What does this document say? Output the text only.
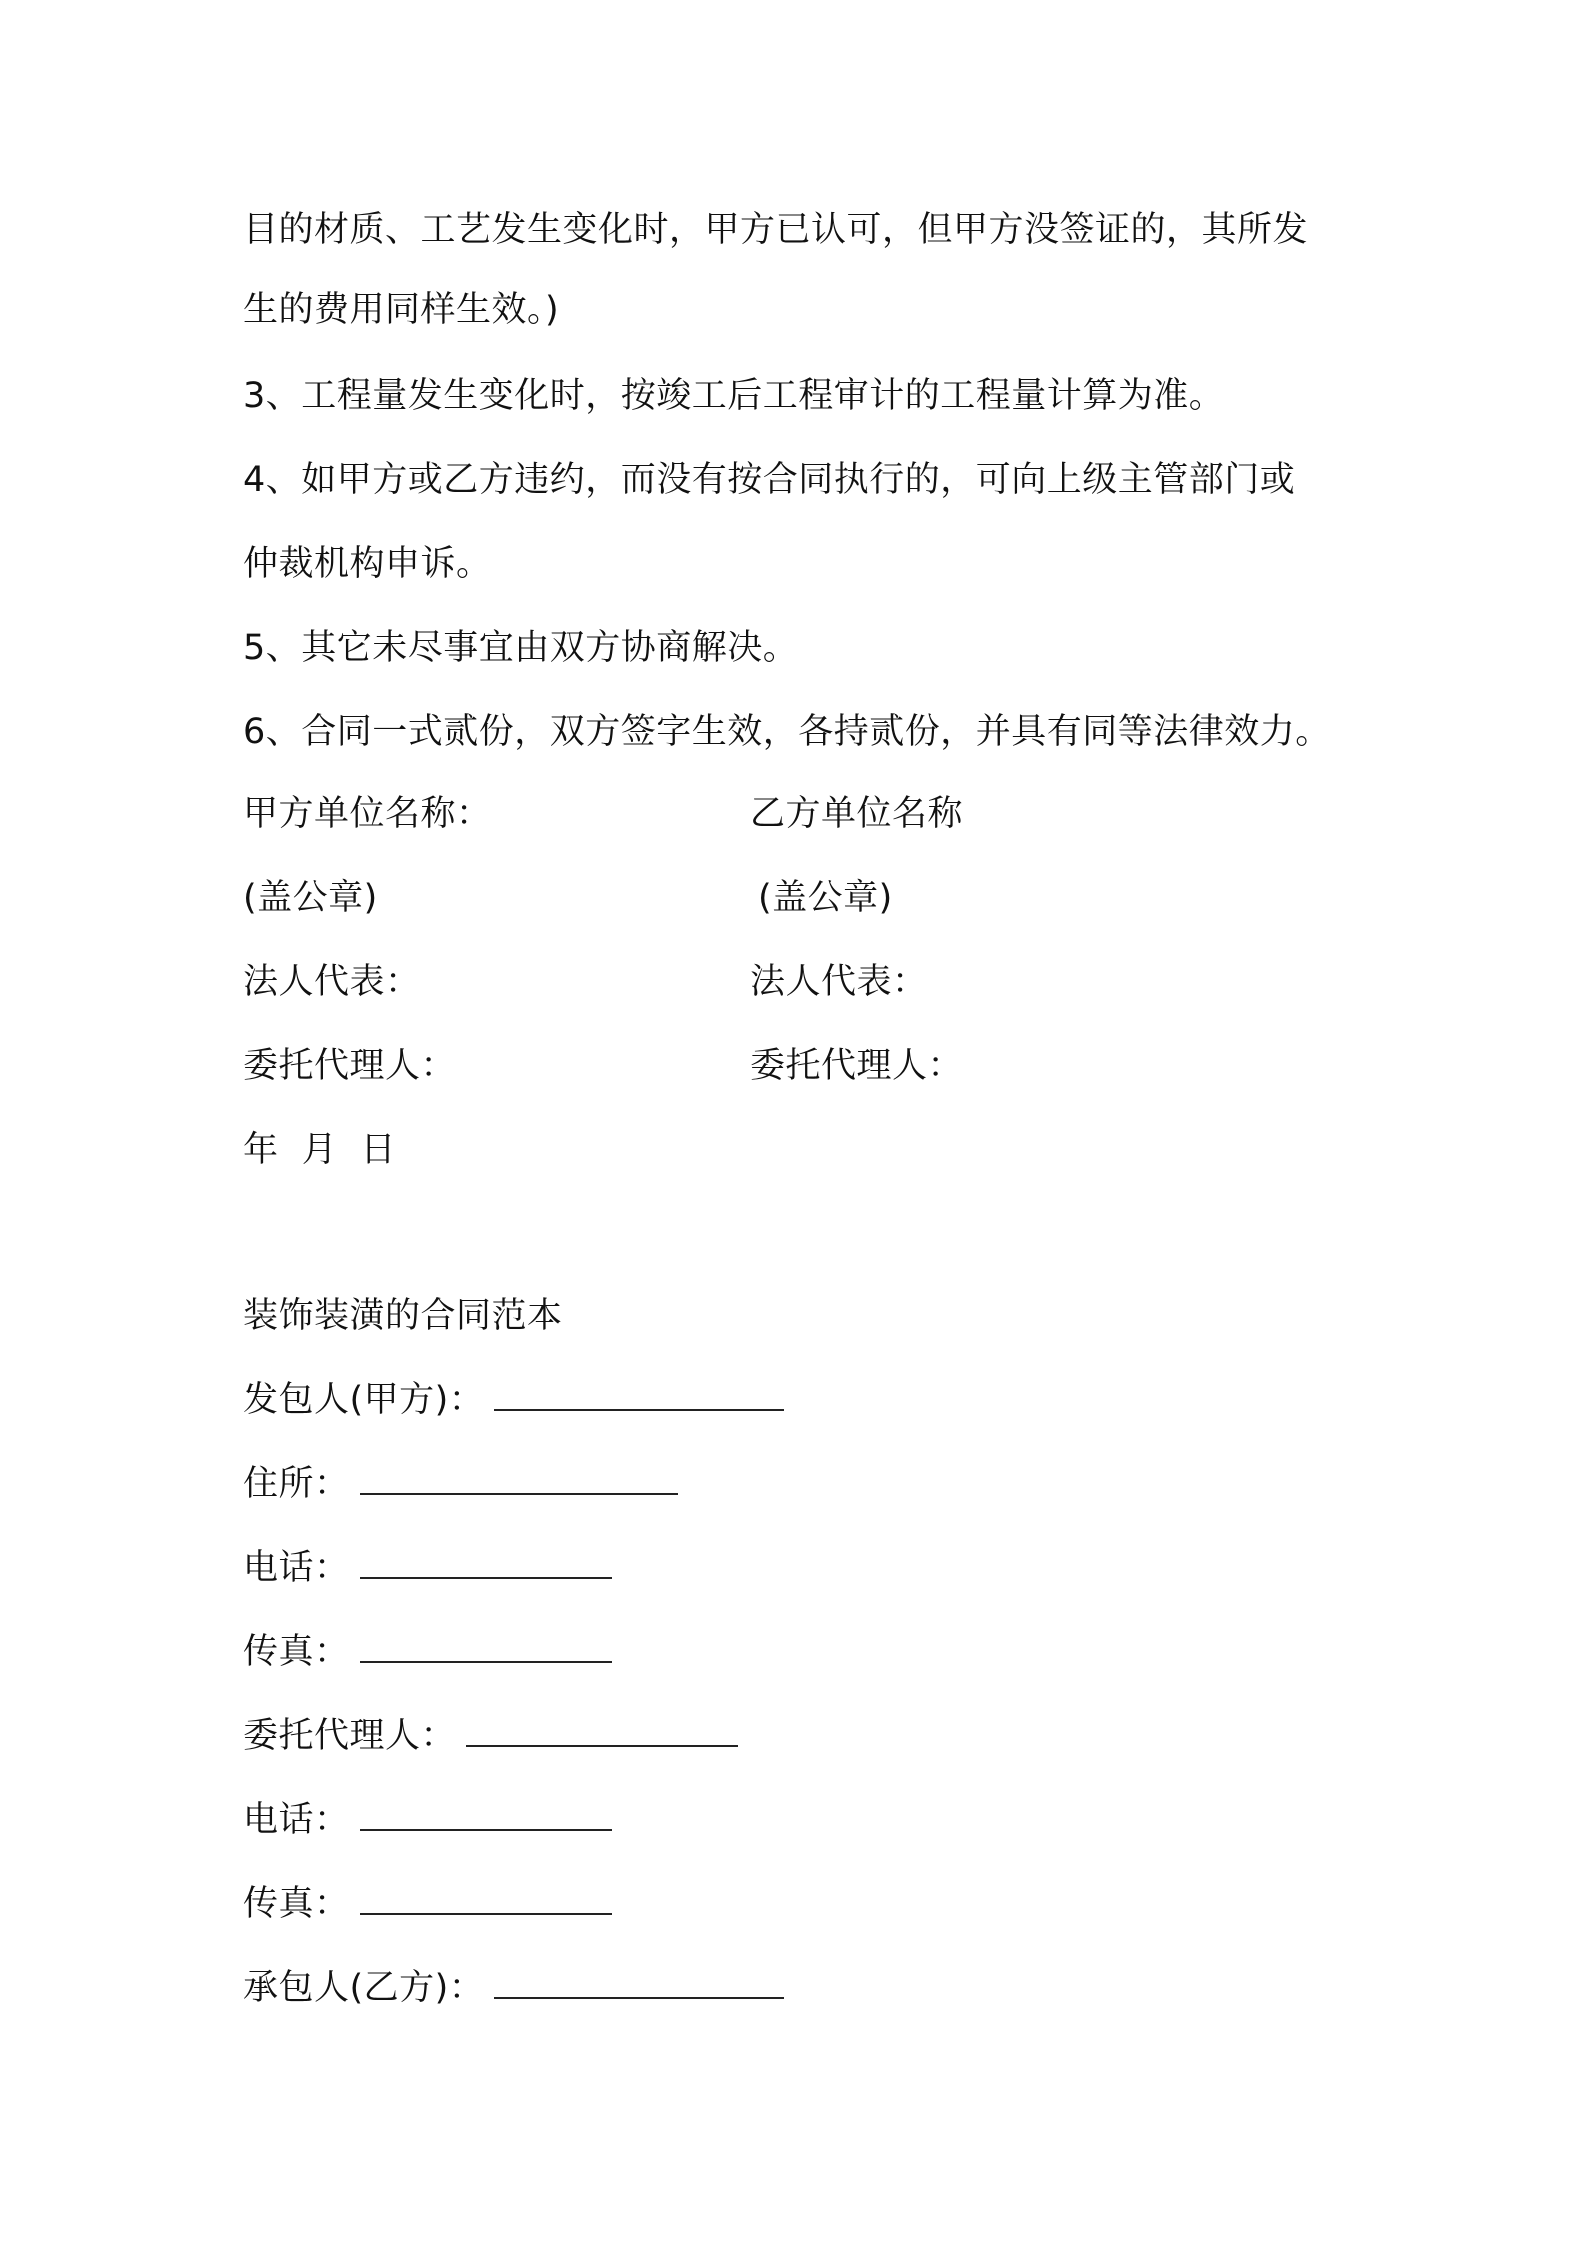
目的材质、工艺发生变化时，甲方已认可，但甲方没签证的，其所发
生的费用同样生效。)
3、工程量发生变化时，按竣工后工程审计的工程量计算为准。
4、如甲方或乙方违约，而没有按合同执行的，可向上级主管部门或
仲裁机构申诉。
5、其它未尽事宜由双方协商解决。
6、合同一式贰份，双方签字生效，各持贰份，并具有同等法律效力。
甲方单位名称：	乙方单位名称
(盖公章)	(盖公章)
法人代表：	法人代表：
委托代理人：	委托代理人：
年  月  日
装饰装潢的合同范本
发包人(甲方)：
住所：
电话：
传真：
委托代理人：
电话：
传真：
承包人(乙方)：
